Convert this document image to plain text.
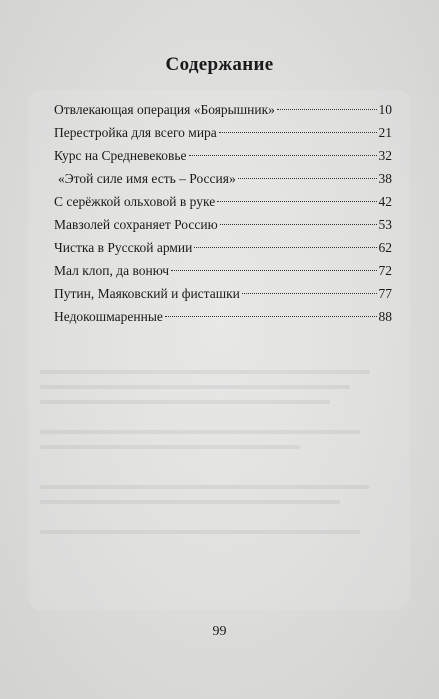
Содержание
Отвлекающая операция «Боярышник»	10
Перестройка для всего мира	21
Курс на Средневековье	32
«Этой силе имя есть – Россия»	38
С серёжкой ольховой в руке	42
Мавзолей сохраняет Россию	53
Чистка в Русской армии	62
Мал клоп, да вонюч	72
Путин, Маяковский и фисташки	77
Недокошмаренные	88
99
